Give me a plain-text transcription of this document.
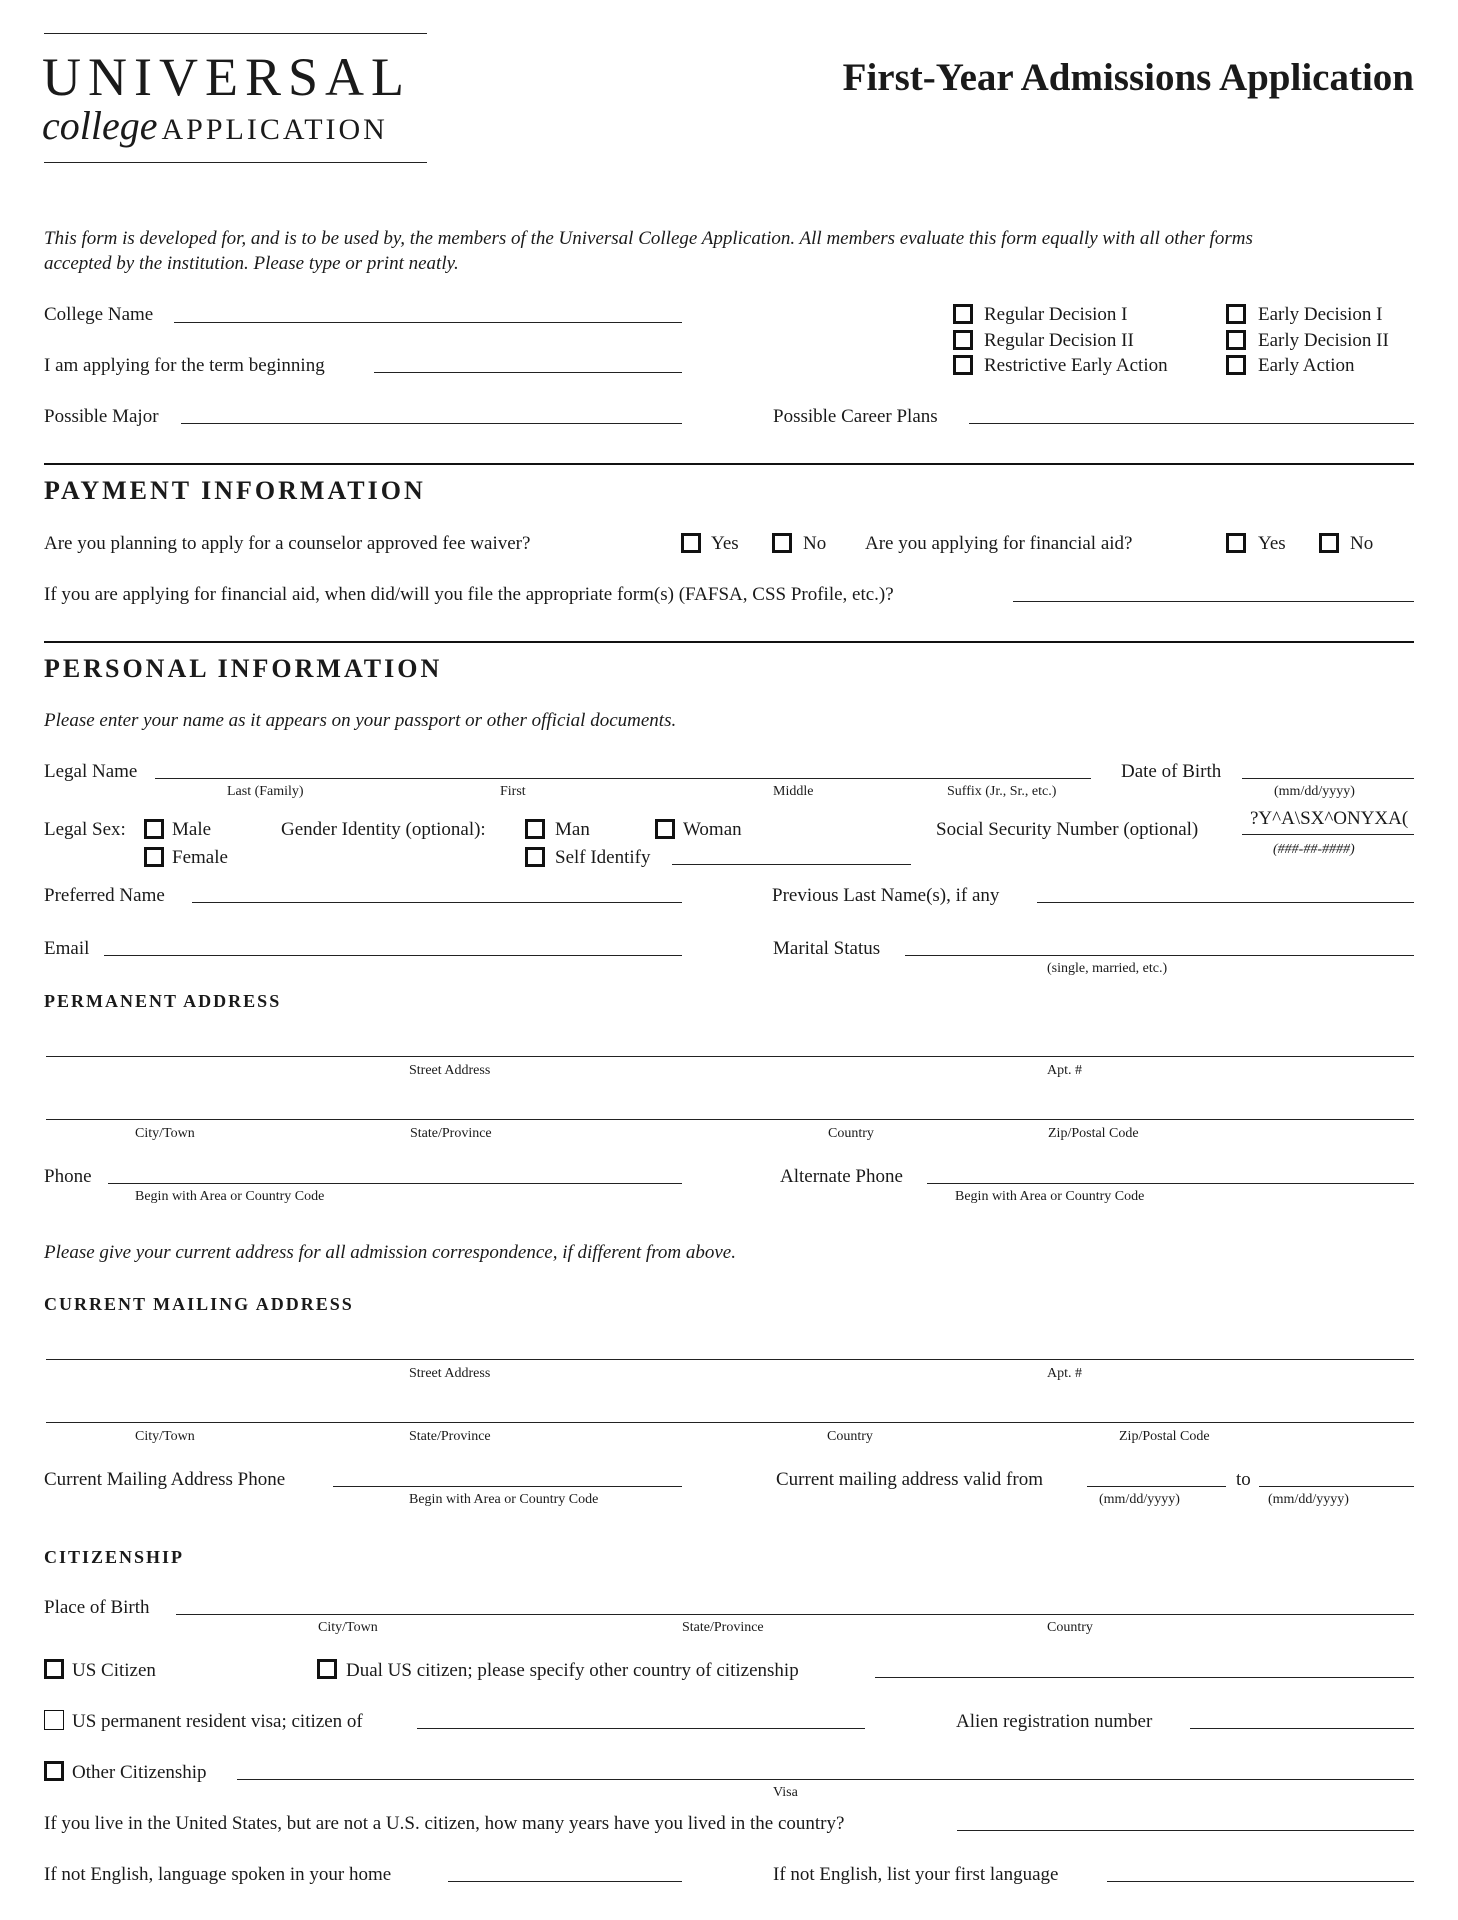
UNIVERSAL
college APPLICATION
First-Year Admissions Application
This form is developed for, and is to be used by, the members of the Universal College Application. All members evaluate this form equally with all other forms
accepted by the institution. Please type or print neatly.
College Name
I am applying for the term beginning
Possible Major	Possible Career Plans
Regular Decision I
Regular Decision II
Restrictive Early Action
Early Decision I
Early Decision II
Early Action
PAYMENT INFORMATION
Are you planning to apply for a counselor approved fee waiver?	Yes	No Are you applying for financial aid?	Yes	No
If you are applying for financial aid, when did/will you file the appropriate form(s) (FAFSA, CSS Profile, etc.)?
PERSONAL INFORMATION
Please enter your name as it appears on your passport or other official documents.
Legal Name
Last (Family)	First	Middle	Suffix (Jr., Sr., etc.)
Date of Birth
(mm/dd/yyyy)
Legal Sex: Male
Female
Gender Identity (optional):	Man	Woman
Self Identify
Social Security Number (optional)
?Y^A\SX^ONYXA(
(###-##-####)
Preferred Name	Previous Last Name(s), if any
Email	Marital Status
(single, married, etc.)
PERMANENT ADDRESS
Street Address	Apt. #
City/Town	State/Province	Country	Zip/Postal Code
Phone
Begin with Area or Country Code
Alternate Phone
Begin with Area or Country Code
Please give your current address for all admission correspondence, if different from above.
CURRENT MAILING ADDRESS
Street Address	Apt. #
City/Town	State/Province	Country	Zip/Postal Code
Current Mailing Address Phone
Begin with Area or Country Code
Current mailing address valid from
(mm/dd/yyyy)
to
(mm/dd/yyyy)
CITIZENSHIP
Place of Birth
City/Town	State/Province	Country
US Citizen	Dual US citizen; please specify other country of citizenship
US permanent resident visa; citizen of	Alien registration number
Other Citizenship
Visa
If you live in the United States, but are not a U.S. citizen, how many years have you lived in the country?
If not English, language spoken in your home	If not English, list your first language
